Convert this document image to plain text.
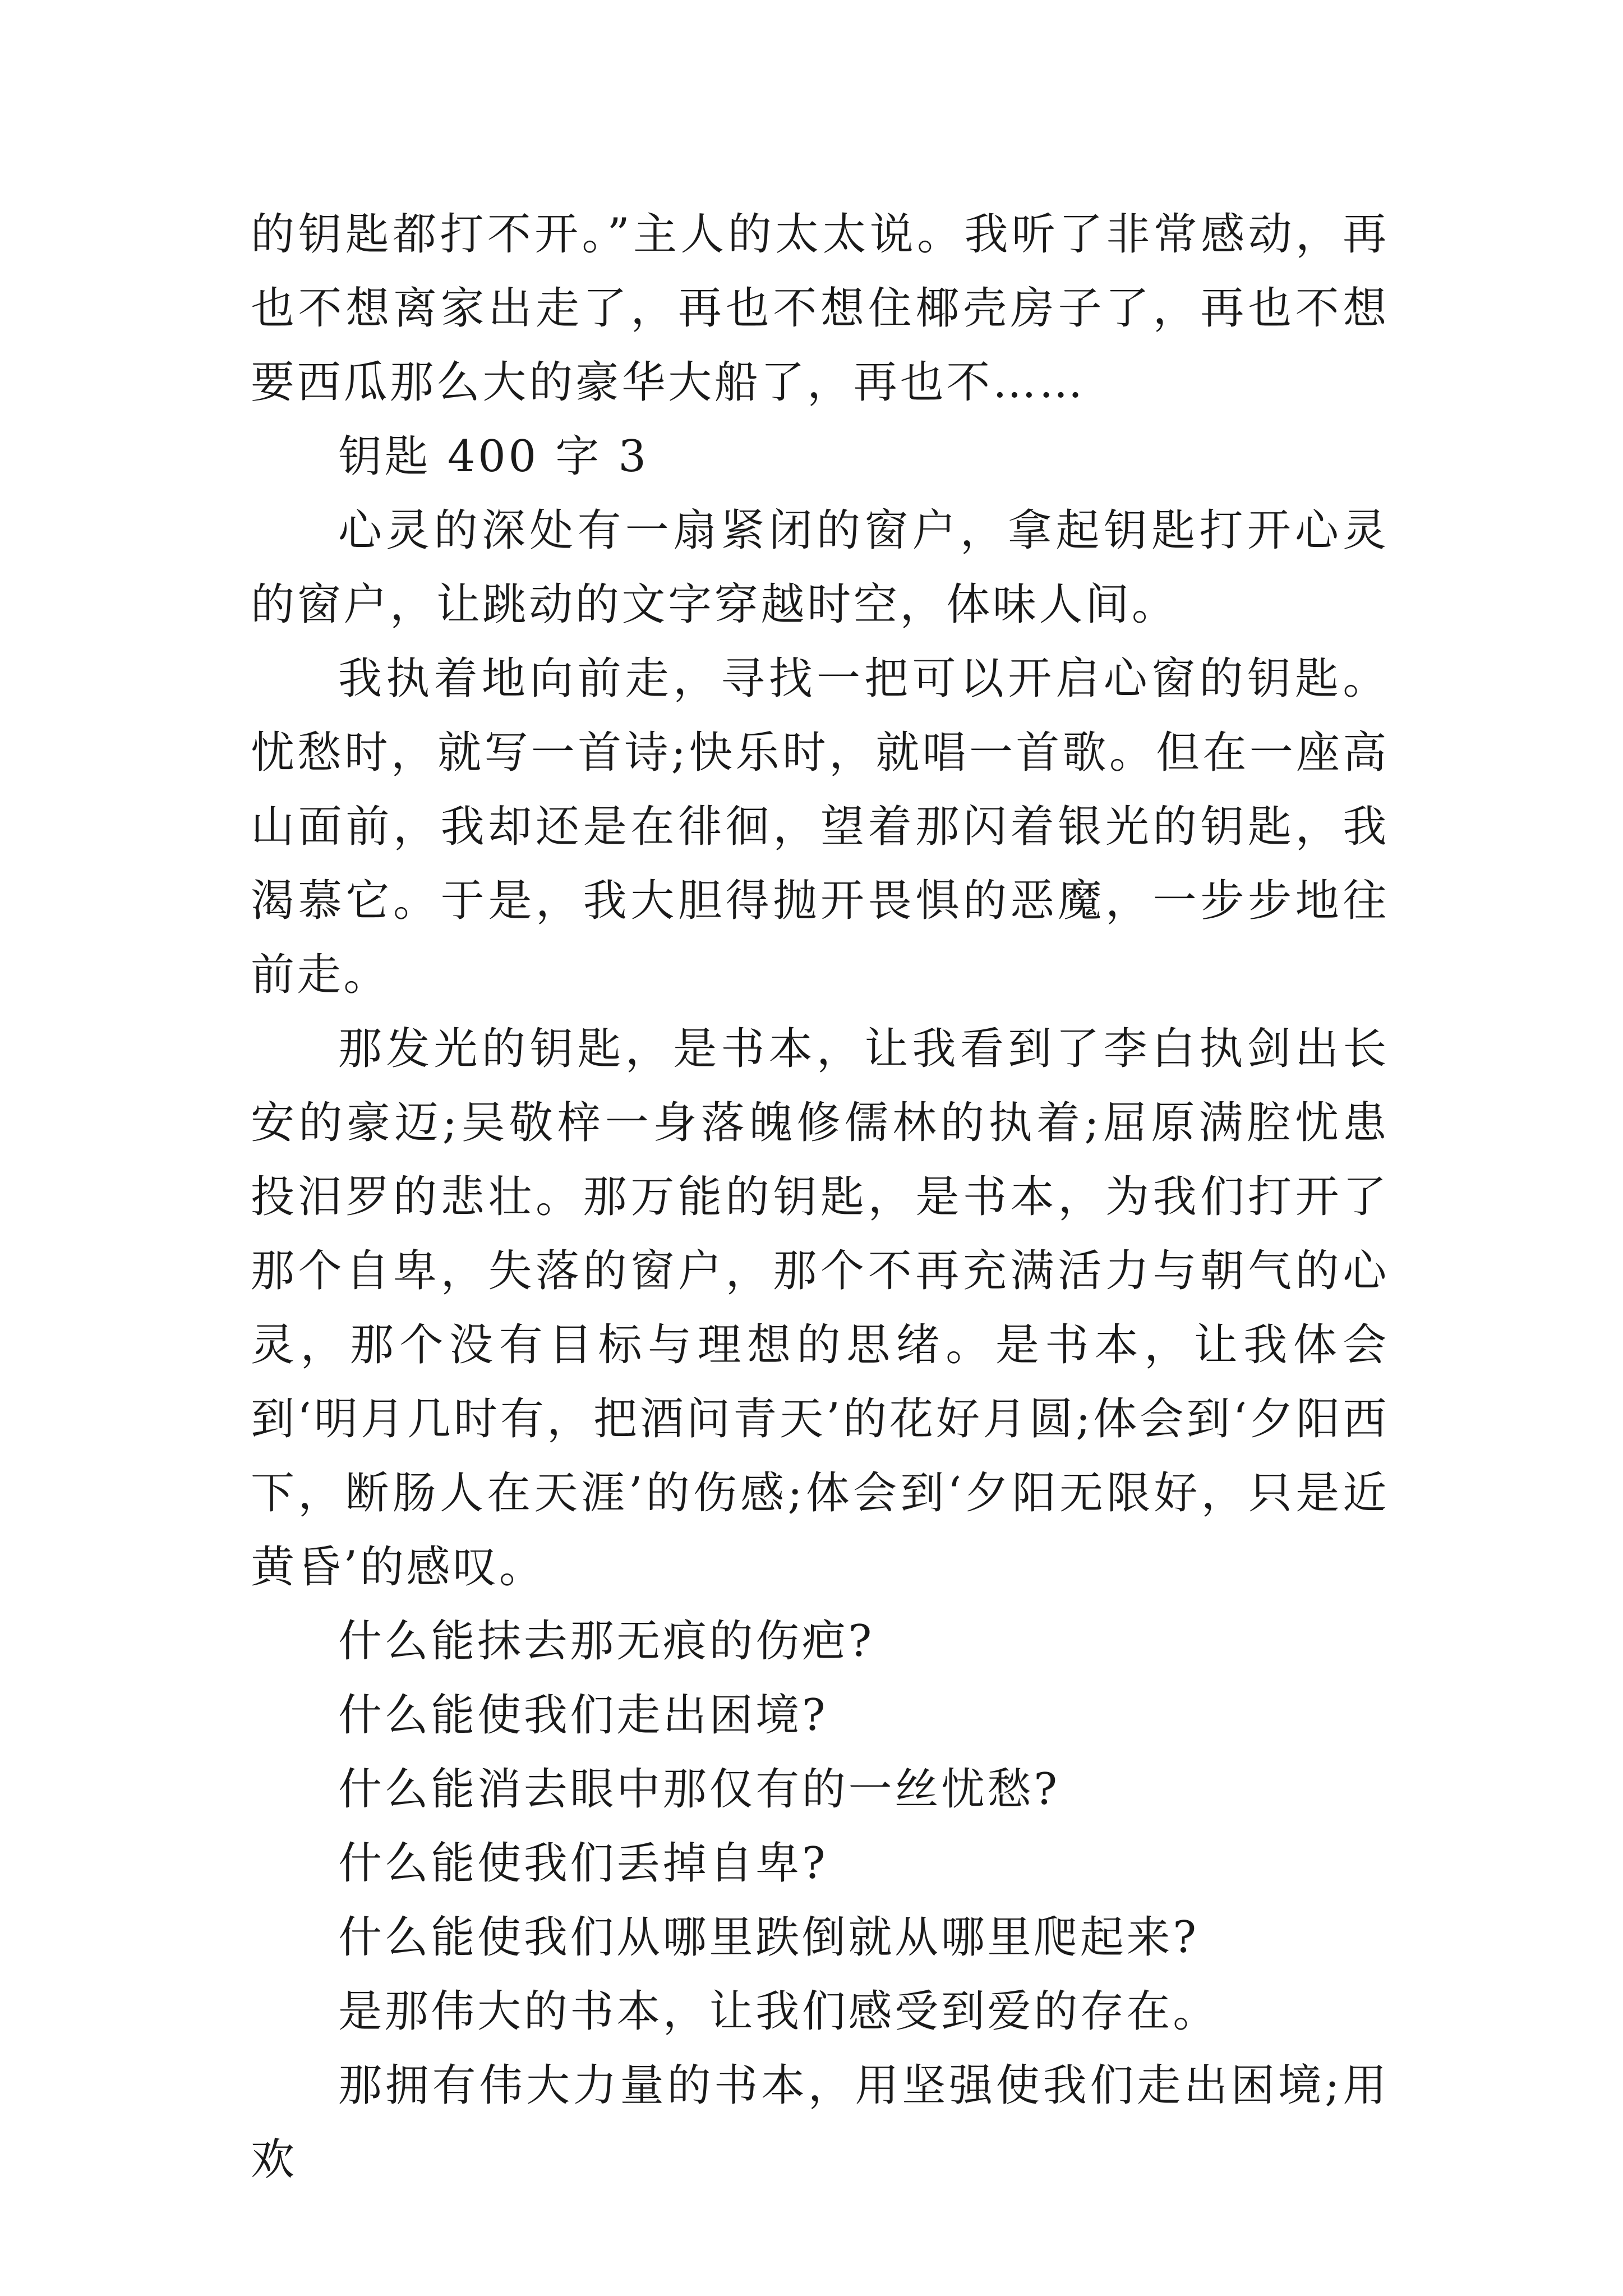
的钥匙都打不开。”主人的太太说。我听了非常感动，再也不想离家出走了，再也不想住椰壳房子了，再也不想要西瓜那么大的豪华大船了，再也不……

钥匙 400 字 3

心灵的深处有一扇紧闭的窗户，拿起钥匙打开心灵的窗户，让跳动的文字穿越时空，体味人间。

我执着地向前走，寻找一把可以开启心窗的钥匙。忧愁时，就写一首诗;快乐时，就唱一首歌。但在一座高山面前，我却还是在徘徊，望着那闪着银光的钥匙，我渴慕它。于是，我大胆得抛开畏惧的恶魔，一步步地往前走。

那发光的钥匙，是书本，让我看到了李白执剑出长安的豪迈;吴敬梓一身落魄修儒林的执着;屈原满腔忧患投汨罗的悲壮。那万能的钥匙，是书本，为我们打开了那个自卑，失落的窗户，那个不再充满活力与朝气的心灵，那个没有目标与理想的思绪。是书本，让我体会到‘明月几时有，把酒问青天’的花好月圆;体会到‘夕阳西下，断肠人在天涯’的伤感;体会到‘夕阳无限好，只是近黄昏’的感叹。

什么能抹去那无痕的伤疤?

什么能使我们走出困境?

什么能消去眼中那仅有的一丝忧愁?

什么能使我们丢掉自卑?

什么能使我们从哪里跌倒就从哪里爬起来?

是那伟大的书本，让我们感受到爱的存在。

那拥有伟大力量的书本，用坚强使我们走出困境;用欢
